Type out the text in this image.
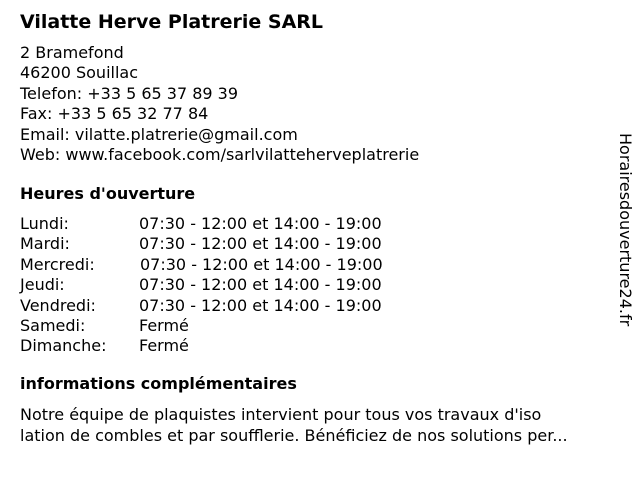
Vilatte Herve Platrerie SARL
2 Bramefond
46200 Souillac
Telefon: +33 5 65 37 89 39
Fax: +33 5 65 32 77 84
Email: vilatte.platrerie@gmail.com
Web: www.facebook.com/sarlvilatteherveplatrerie
Heures d'ouverture
Lundi:	07:30 - 12:00 et 14:00 - 19:00
Mardi:	07:30 - 12:00 et 14:00 - 19:00
Mercredi:	07:30 - 12:00 et 14:00 - 19:00
Jeudi:	07:30 - 12:00 et 14:00 - 19:00
Vendredi:	07:30 - 12:00 et 14:00 - 19:00
Samedi:	Fermé
Dimanche: Fermé
informations complémentaires
Notre équipe de plaquistes intervient pour tous vos travaux d'iso
lation de combles et par soufflerie. Bénéficiez de nos solutions per...
Horairesdouverture24.fr
